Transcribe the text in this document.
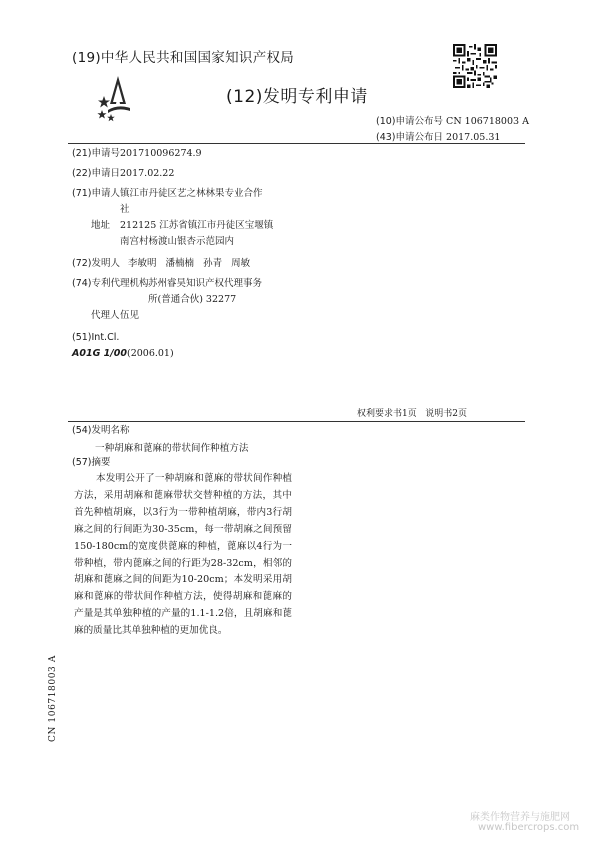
(19)中华人民共和国国家知识产权局
(12)发明专利申请
(10)申请公布号 CN 106718003 A
(43)申请公布日 2017.05.31
(21)申请号 201710096274.9
(22)申请日 2017.02.22
(71)申请人 镇江市丹徒区艺之林林果专业合作
社
地址 212125 江苏省镇江市丹徒区宝堰镇
南宫村杨渡山银杏示范园内
(72)发明人 李敏明   潘楠楠   孙青   周敏
(74)专利代理机构 苏州睿昊知识产权代理事务
所(普通合伙) 32277
代理人 伍见
(51)Int.Cl.
A01G 1/00(2006.01)
权利要求书1页   说明书2页
(54)发明名称
一种胡麻和蓖麻的带状间作种植方法
(57)摘要
本发明公开了一种胡麻和蓖麻的带状间作种植方法，采用胡麻和蓖麻带状交替种植的方法，其中首先种植胡麻，以3行为一带种植胡麻，带内3行胡麻之间的行间距为30-35cm，每一带胡麻之间预留150-180cm的宽度供蓖麻的种植，蓖麻以4行为一带种植，带内蓖麻之间的行距为28-32cm，相邻的胡麻和蓖麻之间的间距为10-20cm；本发明采用胡麻和蓖麻的带状间作种植方法，使得胡麻和蓖麻的产量是其单独种植的产量的1.1-1.2倍，且胡麻和蓖麻的质量比其单独种植的更加优良。
CN 106718003 A
麻类作物营养与施肥网
www.fibercrops.com
